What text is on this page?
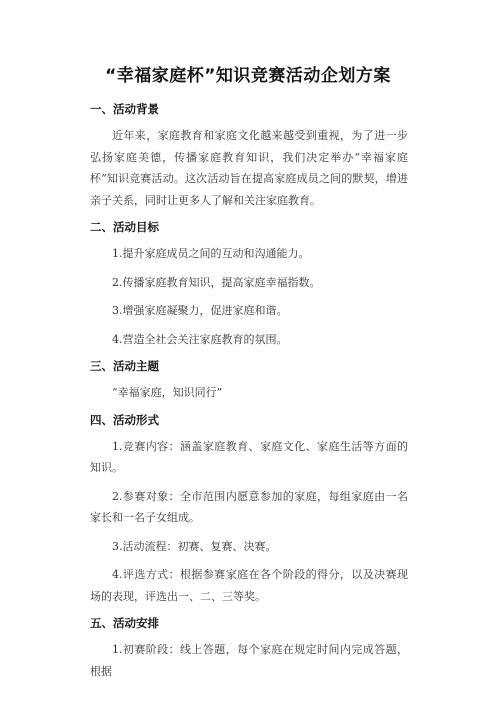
“幸福家庭杯”知识竞赛活动企划方案
一、活动背景

近年来，家庭教育和家庭文化越来越受到重视，为了进一步弘扬家庭美德，传播家庭教育知识，我们决定举办“幸福家庭杯”知识竞赛活动。这次活动旨在提高家庭成员之间的默契，增进亲子关系，同时让更多人了解和关注家庭教育。

二、活动目标

1.提升家庭成员之间的互动和沟通能力。

2.传播家庭教育知识，提高家庭幸福指数。

3.增强家庭凝聚力，促进家庭和谐。

4.营造全社会关注家庭教育的氛围。

三、活动主题

“幸福家庭，知识同行”

四、活动形式

1.竞赛内容：涵盖家庭教育、家庭文化、家庭生活等方面的知识。

2.参赛对象：全市范围内愿意参加的家庭，每组家庭由一名家长和一名子女组成。

3.活动流程：初赛、复赛、决赛。

4.评选方式：根据参赛家庭在各个阶段的得分，以及决赛现场的表现，评选出一、二、三等奖。

五、活动安排

1.初赛阶段：线上答题，每个家庭在规定时间内完成答题，根据
